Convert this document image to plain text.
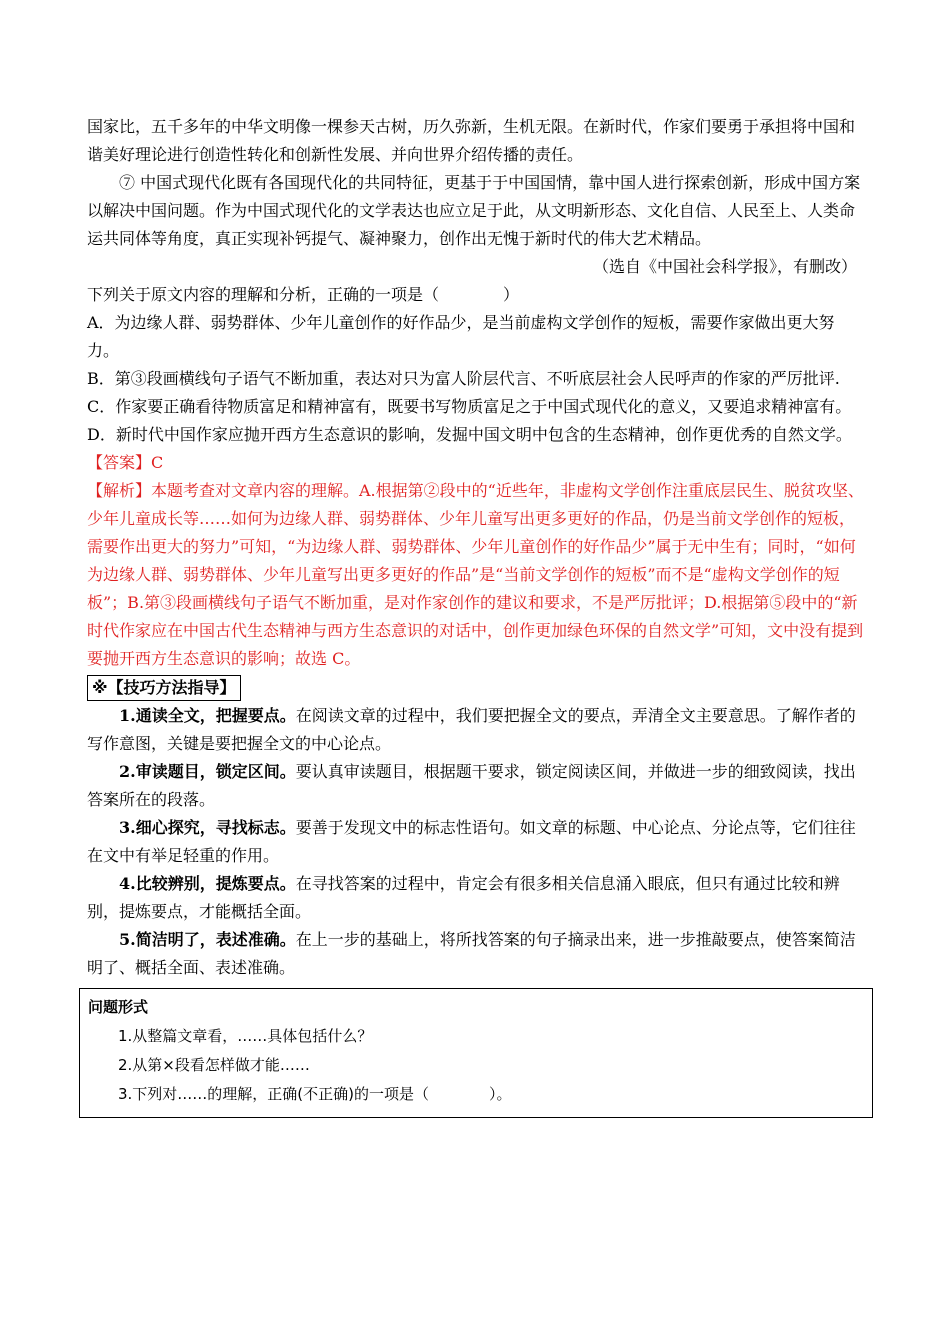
国家比，五千多年的中华文明像一棵参天古树，历久弥新，生机无限。在新时代，作家们要勇于承担将中国和谐美好理论进行创造性转化和创新性发展、并向世界介绍传播的责任。

⑦ 中国式现代化既有各国现代化的共同特征，更基于于中国国情，靠中国人进行探索创新，形成中国方案以解决中国问题。作为中国式现代化的文学表达也应立足于此，从文明新形态、文化自信、人民至上、人类命运共同体等角度，真正实现补钙提气、凝神聚力，创作出无愧于新时代的伟大艺术精品。

（选自《中国社会科学报》，有删改）

下列关于原文内容的理解和分析，正确的一项是（　　　　）

A．为边缘人群、弱势群体、少年儿童创作的好作品少，是当前虚构文学创作的短板，需要作家做出更大努力。

B．第③段画横线句子语气不断加重，表达对只为富人阶层代言、不听底层社会人民呼声的作家的严厉批评.

C．作家要正确看待物质富足和精神富有，既要书写物质富足之于中国式现代化的意义，又要追求精神富有。

D．新时代中国作家应抛开西方生态意识的影响，发掘中国文明中包含的生态精神，创作更优秀的自然文学。

【答案】C

【解析】本题考查对文章内容的理解。A.根据第②段中的“近些年，非虚构文学创作注重底层民生、脱贫攻坚、少年儿童成长等……如何为边缘人群、弱势群体、少年儿童写出更多更好的作品，仍是当前文学创作的短板，需要作出更大的努力”可知，“为边缘人群、弱势群体、少年儿童创作的好作品少”属于无中生有；同时，“如何为边缘人群、弱势群体、少年儿童写出更多更好的作品”是“当前文学创作的短板”而不是“虚构文学创作的短板”；B.第③段画横线句子语气不断加重，是对作家创作的建议和要求，不是严厉批评；D.根据第⑤段中的“新时代作家应在中国古代生态精神与西方生态意识的对话中，创作更加绿色环保的自然文学”可知，文中没有提到要抛开西方生态意识的影响；故选 C。

※【技巧方法指导】

1.通读全文，把握要点。在阅读文章的过程中，我们要把握全文的要点，弄清全文主要意思。了解作者的写作意图，关键是要把握全文的中心论点。

2.审读题目，锁定区间。要认真审读题目，根据题干要求，锁定阅读区间，并做进一步的细致阅读，找出答案所在的段落。

3.细心探究，寻找标志。要善于发现文中的标志性语句。如文章的标题、中心论点、分论点等，它们往往在文中有举足轻重的作用。

4.比较辨别，提炼要点。在寻找答案的过程中，肯定会有很多相关信息涌入眼底，但只有通过比较和辨别，提炼要点，才能概括全面。

5.简洁明了，表述准确。在上一步的基础上，将所找答案的句子摘录出来，进一步推敲要点，使答案简洁明了、概括全面、表述准确。

问题形式
1.从整篇文章看，……具体包括什么？
2.从第×段看怎样做才能……
3.下列对……的理解，正确(不正确)的一项是（　　　　）。
